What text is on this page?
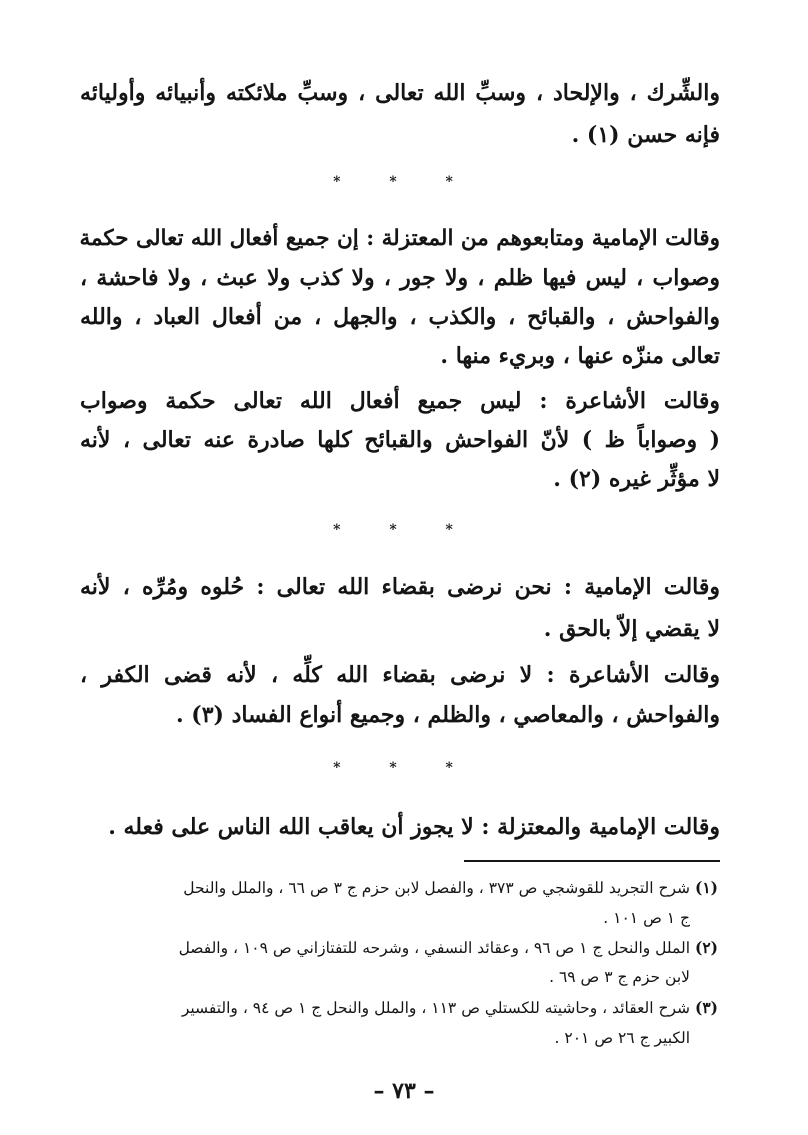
والشِّرك ، والإلحاد ، وسبِّ الله تعالى ، وسبِّ ملائكته وأنبيائه وأوليائه
فإنه حسن (١) .
* * *
وقالت الإمامية ومتابعوهم من المعتزلة : إن جميع أفعال الله تعالى حكمة
وصواب ، ليس فيها ظلم ، ولا جور ، ولا كذب ولا عبث ، ولا فاحشة ،
والفواحش ، والقبائح ، والكذب ، والجهل ، من أفعال العباد ، والله
تعالى منزّه عنها ، وبريء منها .
وقالت الأشاعرة : ليس جميع أفعال الله تعالى حكمة وصواب
( وصواباً ظ ) لأنّ الفواحش والقبائح كلها صادرة عنه تعالى ، لأنه
لا مؤثِّر غيره (٢) .
* * *
وقالت الإمامية : نحن نرضى بقضاء الله تعالى : حُلوه ومُرِّه ، لأنه
لا يقضي إلاّ بالحق .
وقالت الأشاعرة : لا نرضى بقضاء الله كلِّه ، لأنه قضى الكفر ،
والفواحش ، والمعاصي ، والظلم ، وجميع أنواع الفساد (٣) .
* * *
وقالت الإمامية والمعتزلة : لا يجوز أن يعاقب الله الناس على فعله .
(١) شرح التجريد للقوشجي ص ٣٧٣ ، والفصل لابن حزم ج ٣ ص ٦٦ ، والملل والنحل
ج ١ ص ١٠١ .
(٢) الملل والنحل ج ١ ص ٩٦ ، وعقائد النسفي ، وشرحه للتفتازاني ص ١٠٩ ، والفصل
لابن حزم ج ٣ ص ٦٩ .
(٣) شرح العقائد ، وحاشيته للكستلي ص ١١٣ ، والملل والنحل ج ١ ص ٩٤ ، والتفسير
الكبير ج ٢٦ ص ٢٠١ .
– ٧٣ –
